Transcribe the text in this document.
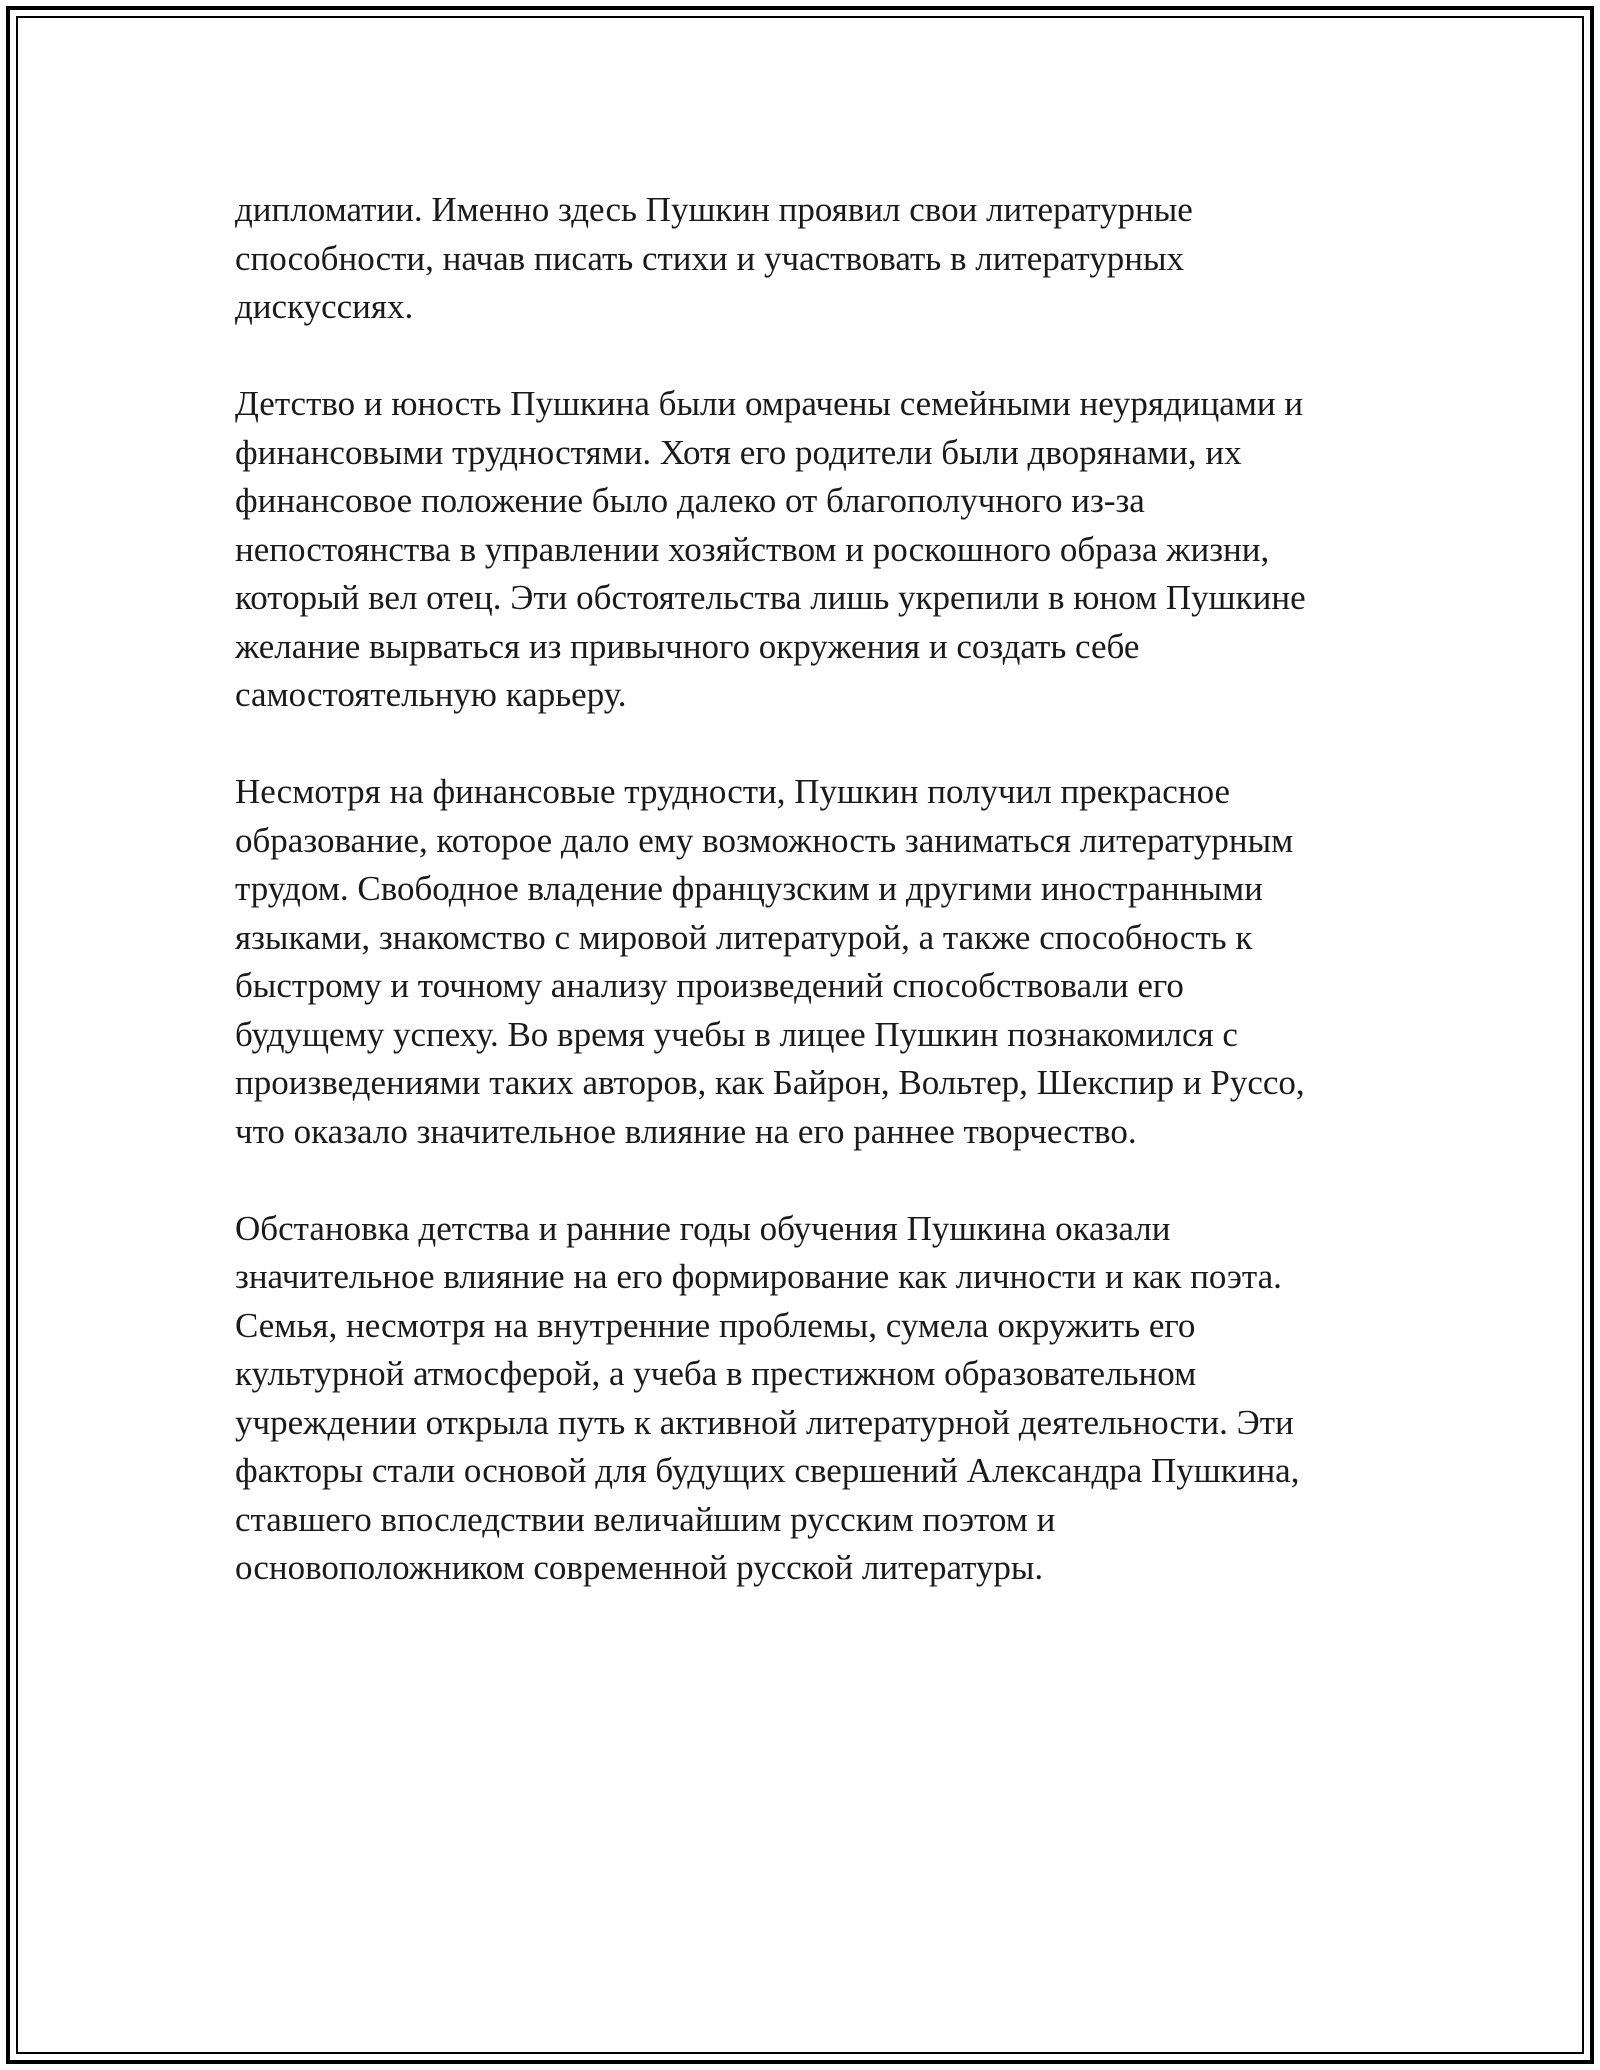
дипломатии. Именно здесь Пушкин проявил свои литературные
способности, начав писать стихи и участвовать в литературных
дискуссиях.
Детство и юность Пушкина были омрачены семейными неурядицами и
финансовыми трудностями. Хотя его родители были дворянами, их
финансовое положение было далеко от благополучного из-за
непостоянства в управлении хозяйством и роскошного образа жизни,
который вел отец. Эти обстоятельства лишь укрепили в юном Пушкине
желание вырваться из привычного окружения и создать себе
самостоятельную карьеру.
Несмотря на финансовые трудности, Пушкин получил прекрасное
образование, которое дало ему возможность заниматься литературным
трудом. Свободное владение французским и другими иностранными
языками, знакомство с мировой литературой, а также способность к
быстрому и точному анализу произведений способствовали его
будущему успеху. Во время учебы в лицее Пушкин познакомился с
произведениями таких авторов, как Байрон, Вольтер, Шекспир и Руссо,
что оказало значительное влияние на его раннее творчество.
Обстановка детства и ранние годы обучения Пушкина оказали
значительное влияние на его формирование как личности и как поэта.
Семья, несмотря на внутренние проблемы, сумела окружить его
культурной атмосферой, а учеба в престижном образовательном
учреждении открыла путь к активной литературной деятельности. Эти
факторы стали основой для будущих свершений Александра Пушкина,
ставшего впоследствии величайшим русским поэтом и
основоположником современной русской литературы.
